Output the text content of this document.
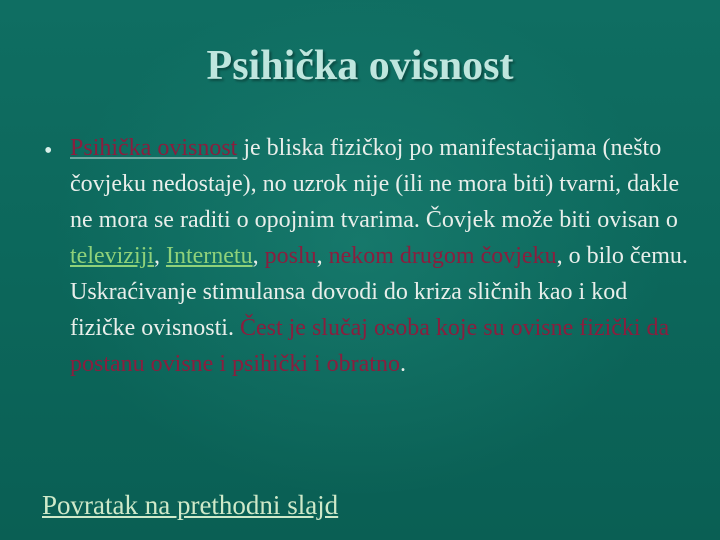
Psihička ovisnost
• Psihička ovisnost je bliska fizičkoj po manifestacijama (nešto čovjeku nedostaje), no uzrok nije (ili ne mora biti) tvarni, dakle ne mora se raditi o opojnim tvarima. Čovjek može biti ovisan o televiziji, Internetu, poslu, nekom drugom čovjeku, o bilo čemu. Uskraćivanje stimulansa dovodi do kriza sličnih kao i kod fizičke ovisnosti. Čest je slučaj osoba koje su ovisne fizički da postanu ovisne i psihički i obratno.

Povratak na prethodni slajd
